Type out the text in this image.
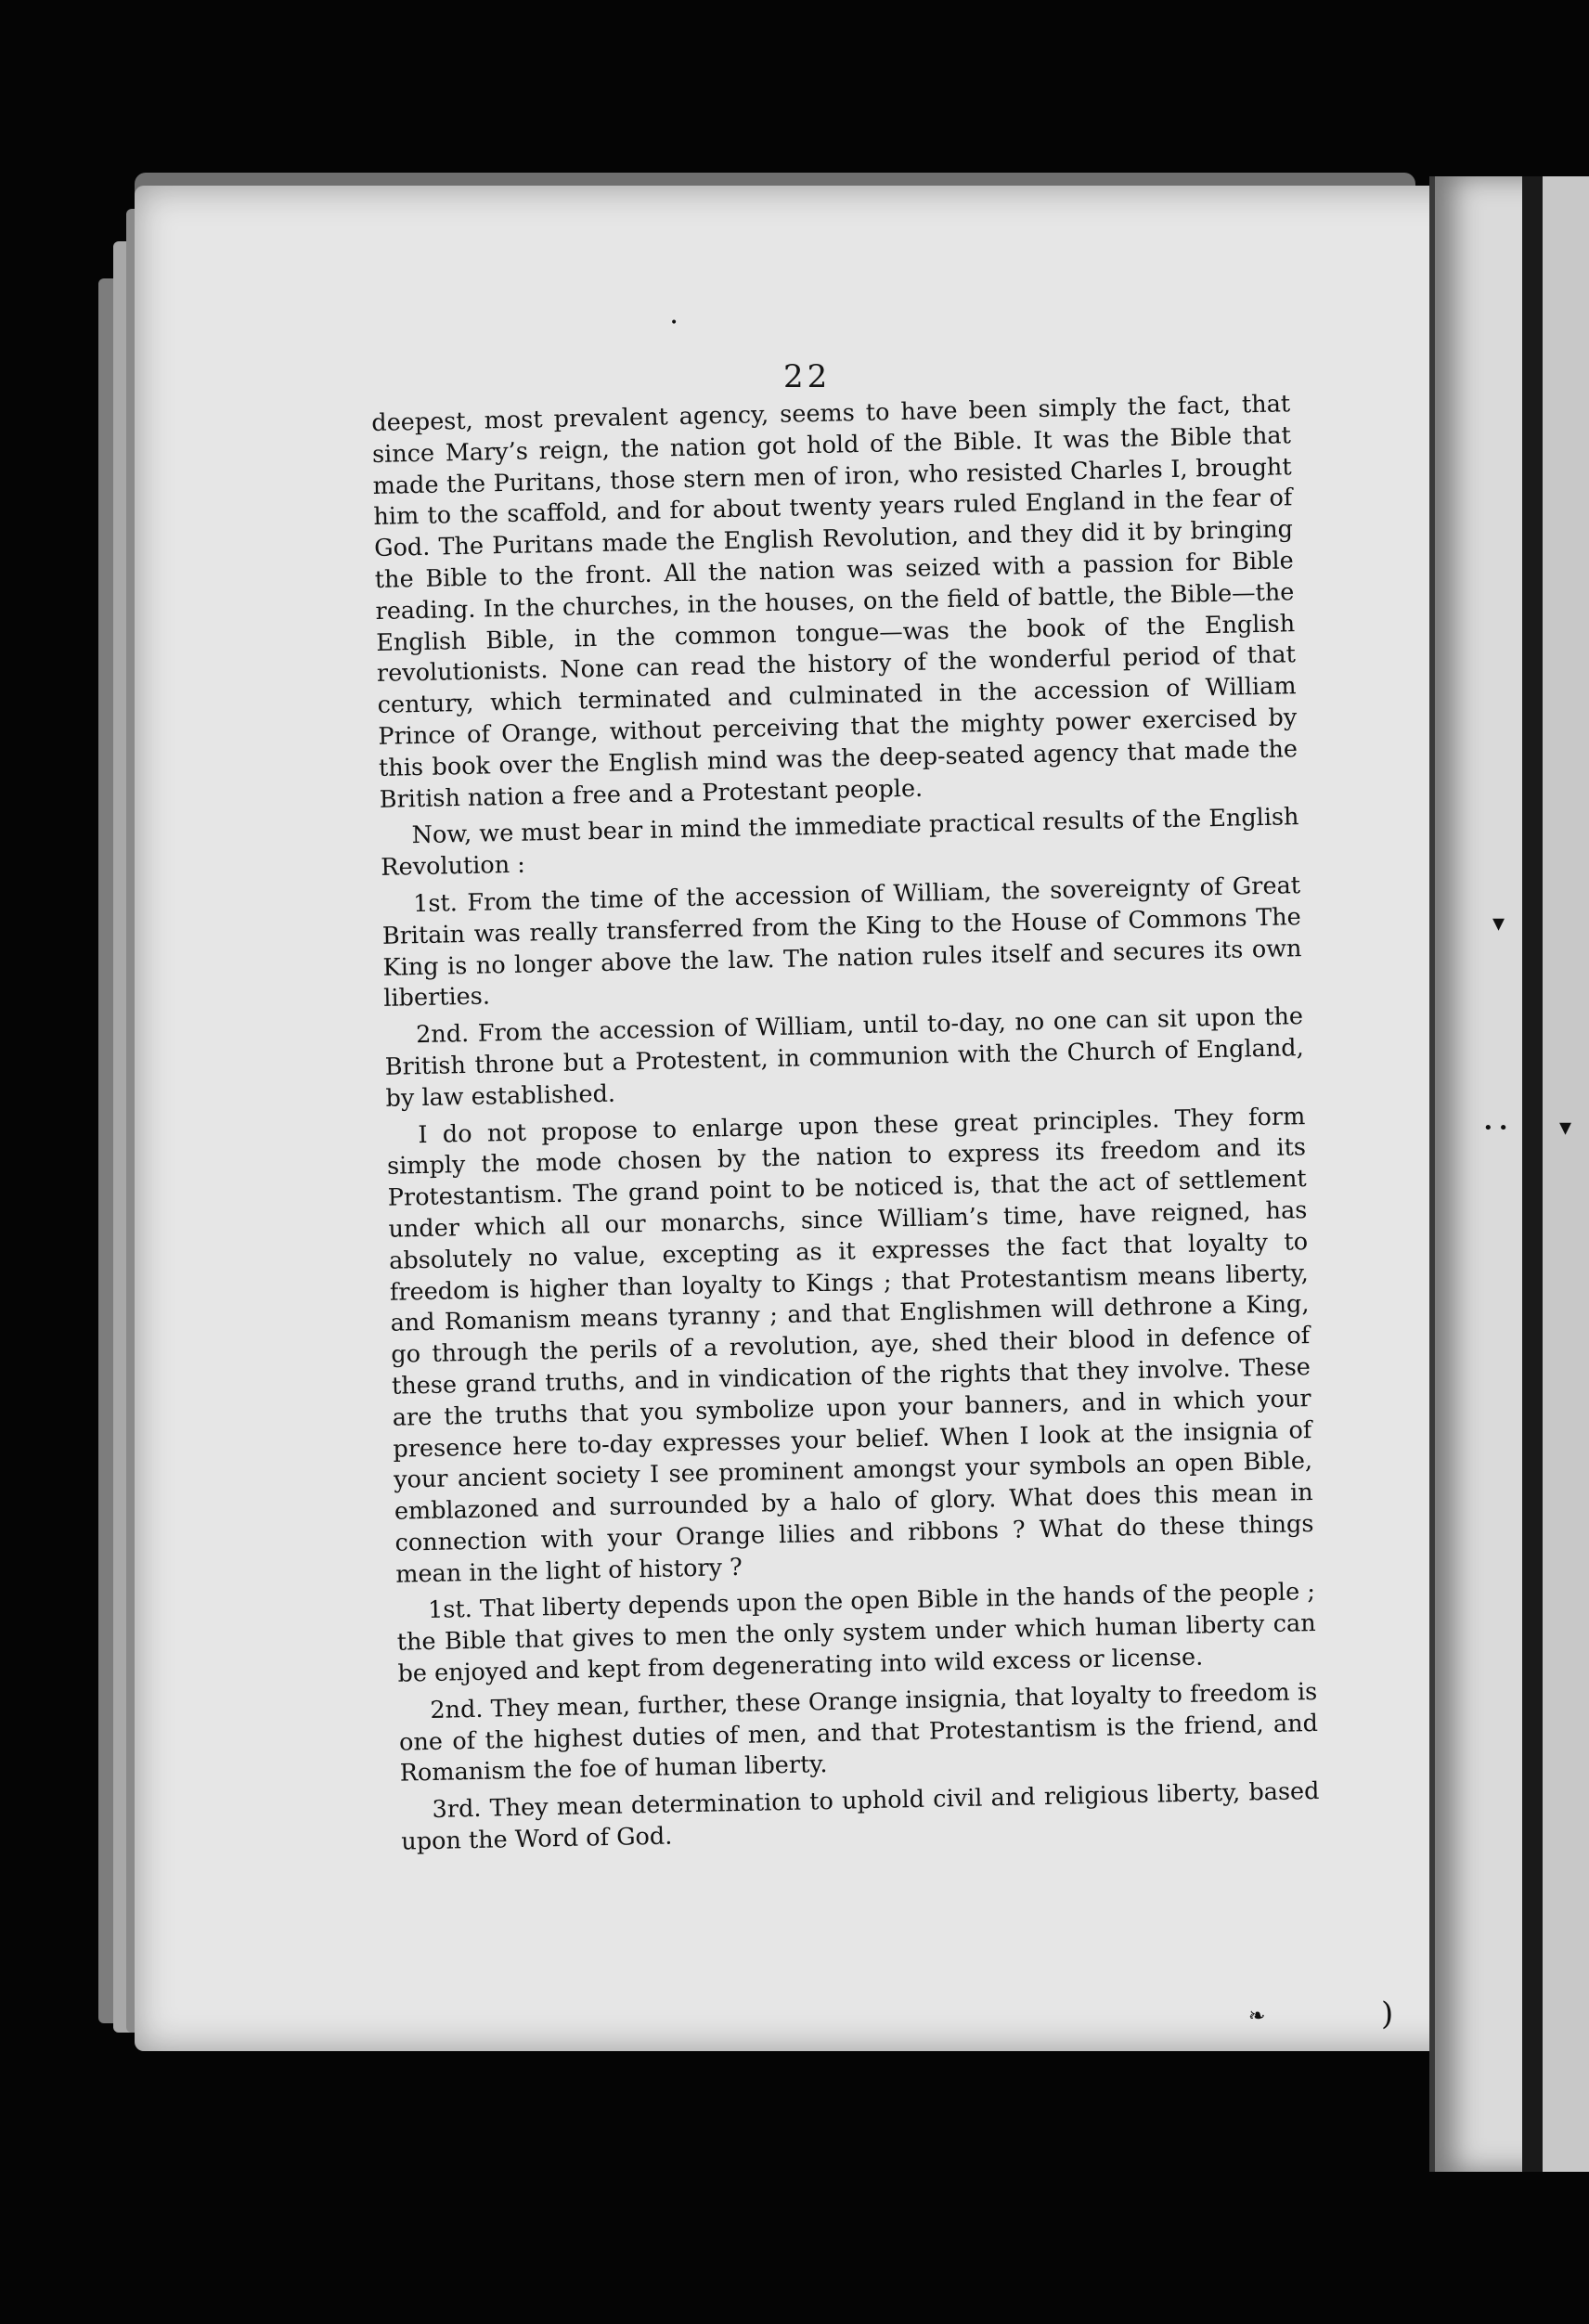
▾
• • ▾
❧	)
•
22

deepest, most prevalent agency, seems to have been simply the fact, that since Mary’s reign, the nation got hold of the Bible. It was the Bible that made the Puritans, those stern men of iron, who resisted Charles I, brought him to the scaffold, and for about twenty years ruled England in the fear of God. The Puritans made the English Revolution, and they did it by bringing the Bible to the front. All the nation was seized with a passion for Bible reading. In the churches, in the houses, on the field of battle, the Bible—the English Bible, in the common tongue—was the book of the English revolutionists. None can read the history of the wonderful period of that century, which terminated and culminated in the accession of William Prince of Orange, without perceiving that the mighty power exercised by this book over the English mind was the deep-seated agency that made the British nation a free and a Protestant people.

Now, we must bear in mind the immediate practical results of the English Revolution :

1st. From the time of the accession of William, the sovereignty of Great Britain was really transferred from the King to the House of Commons The King is no longer above the law. The nation rules itself and secures its own liberties.

2nd. From the accession of William, until to-day, no one can sit upon the British throne but a Protestent, in communion with the Church of England, by law established.

I do not propose to enlarge upon these great principles. They form simply the mode chosen by the nation to express its freedom and its Protestantism. The grand point to be noticed is, that the act of settlement under which all our monarchs, since William’s time, have reigned, has absolutely no value, excepting as it expresses the fact that loyalty to freedom is higher than loyalty to Kings ; that Protestantism means liberty, and Romanism means tyranny ; and that Englishmen will dethrone a King, go through the perils of a revolution, aye, shed their blood in defence of these grand truths, and in vindication of the rights that they involve. These are the truths that you symbolize upon your banners, and in which your presence here to-day expresses your belief. When I look at the insignia of your ancient society I see prominent amongst your symbols an open Bible, emblazoned and surrounded by a halo of glory. What does this mean in connection with your Orange lilies and ribbons ? What do these things mean in the light of history ?

1st. That liberty depends upon the open Bible in the hands of the people ; the Bible that gives to men the only system under which human liberty can be enjoyed and kept from degenerating into wild excess or license.

2nd. They mean, further, these Orange insignia, that loyalty to freedom is one of the highest duties of men, and that Protestantism is the friend, and Romanism the foe of human liberty.

3rd. They mean determination to uphold civil and religious liberty, based upon the Word of God.
